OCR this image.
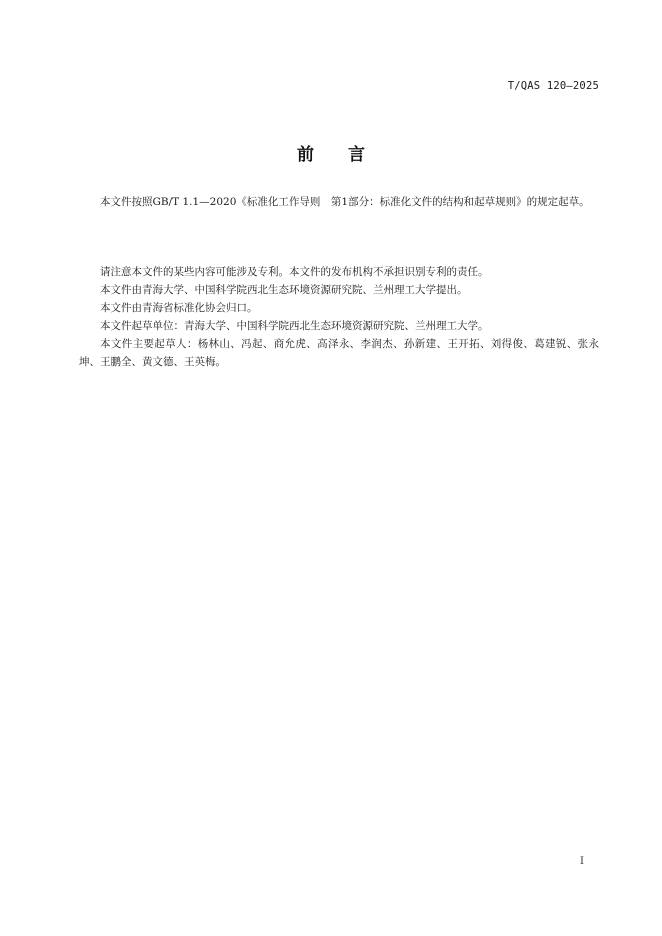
T/QAS 120—2025
前 言

本文件按照GB/T 1.1—2020《标准化工作导则　第1部分：标准化文件的结构和起草规则》的规定起草。

请注意本文件的某些内容可能涉及专利。本文件的发布机构不承担识别专利的责任。

本文件由青海大学、中国科学院西北生态环境资源研究院、兰州理工大学提出。

本文件由青海省标准化协会归口。

本文件起草单位：青海大学、中国科学院西北生态环境资源研究院、兰州理工大学。

本文件主要起草人：杨林山、冯起、商允虎、高泽永、李润杰、孙新建、王开拓、刘得俊、葛建锐、张永坤、王鹏全、黄文德、王英梅。

I
